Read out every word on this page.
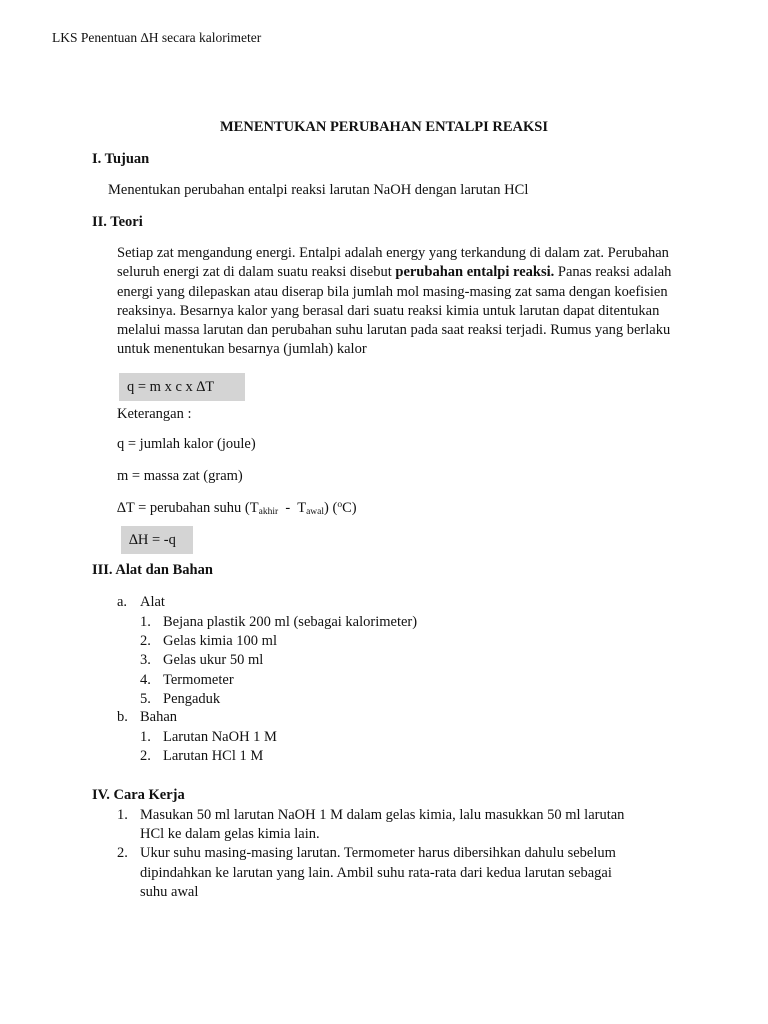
LKS Penentuan ∆H secara kalorimeter
MENENTUKAN PERUBAHAN ENTALPI REAKSI
I. Tujuan
Menentukan perubahan entalpi reaksi larutan NaOH dengan larutan HCl
II. Teori
Setiap zat mengandung energi. Entalpi adalah energy yang terkandung di dalam zat. Perubahan seluruh energi zat di dalam suatu reaksi disebut perubahan entalpi reaksi. Panas reaksi adalah energi yang dilepaskan atau diserap bila jumlah mol masing-masing zat sama dengan koefisien reaksinya. Besarnya kalor yang berasal dari suatu reaksi kimia untuk larutan dapat ditentukan melalui massa larutan dan perubahan suhu larutan pada saat reaksi terjadi. Rumus yang berlaku untuk menentukan besarnya (jumlah) kalor
q = m x c x ∆T
Keterangan :
q = jumlah kalor (joule)
m = massa zat (gram)
∆T = perubahan suhu $(T_{akhir} - T_{awal})$ ($^o$C)
∆H = -q
III. Alat dan Bahan
a. Alat
1. Bejana plastik 200 ml (sebagai kalorimeter)
2. Gelas kimia 100 ml
3. Gelas ukur 50 ml
4. Termometer
5. Pengaduk
b. Bahan
1. Larutan NaOH 1 M
2. Larutan HCl 1 M
IV. Cara Kerja
1. Masukan 50 ml larutan NaOH 1 M dalam gelas kimia, lalu masukkan 50 ml larutan
HCl ke dalam gelas kimia lain.
2. Ukur suhu masing-masing larutan. Termometer harus dibersihkan dahulu sebelum
dipindahkan ke larutan yang lain. Ambil suhu rata-rata dari kedua larutan sebagai
suhu awal
